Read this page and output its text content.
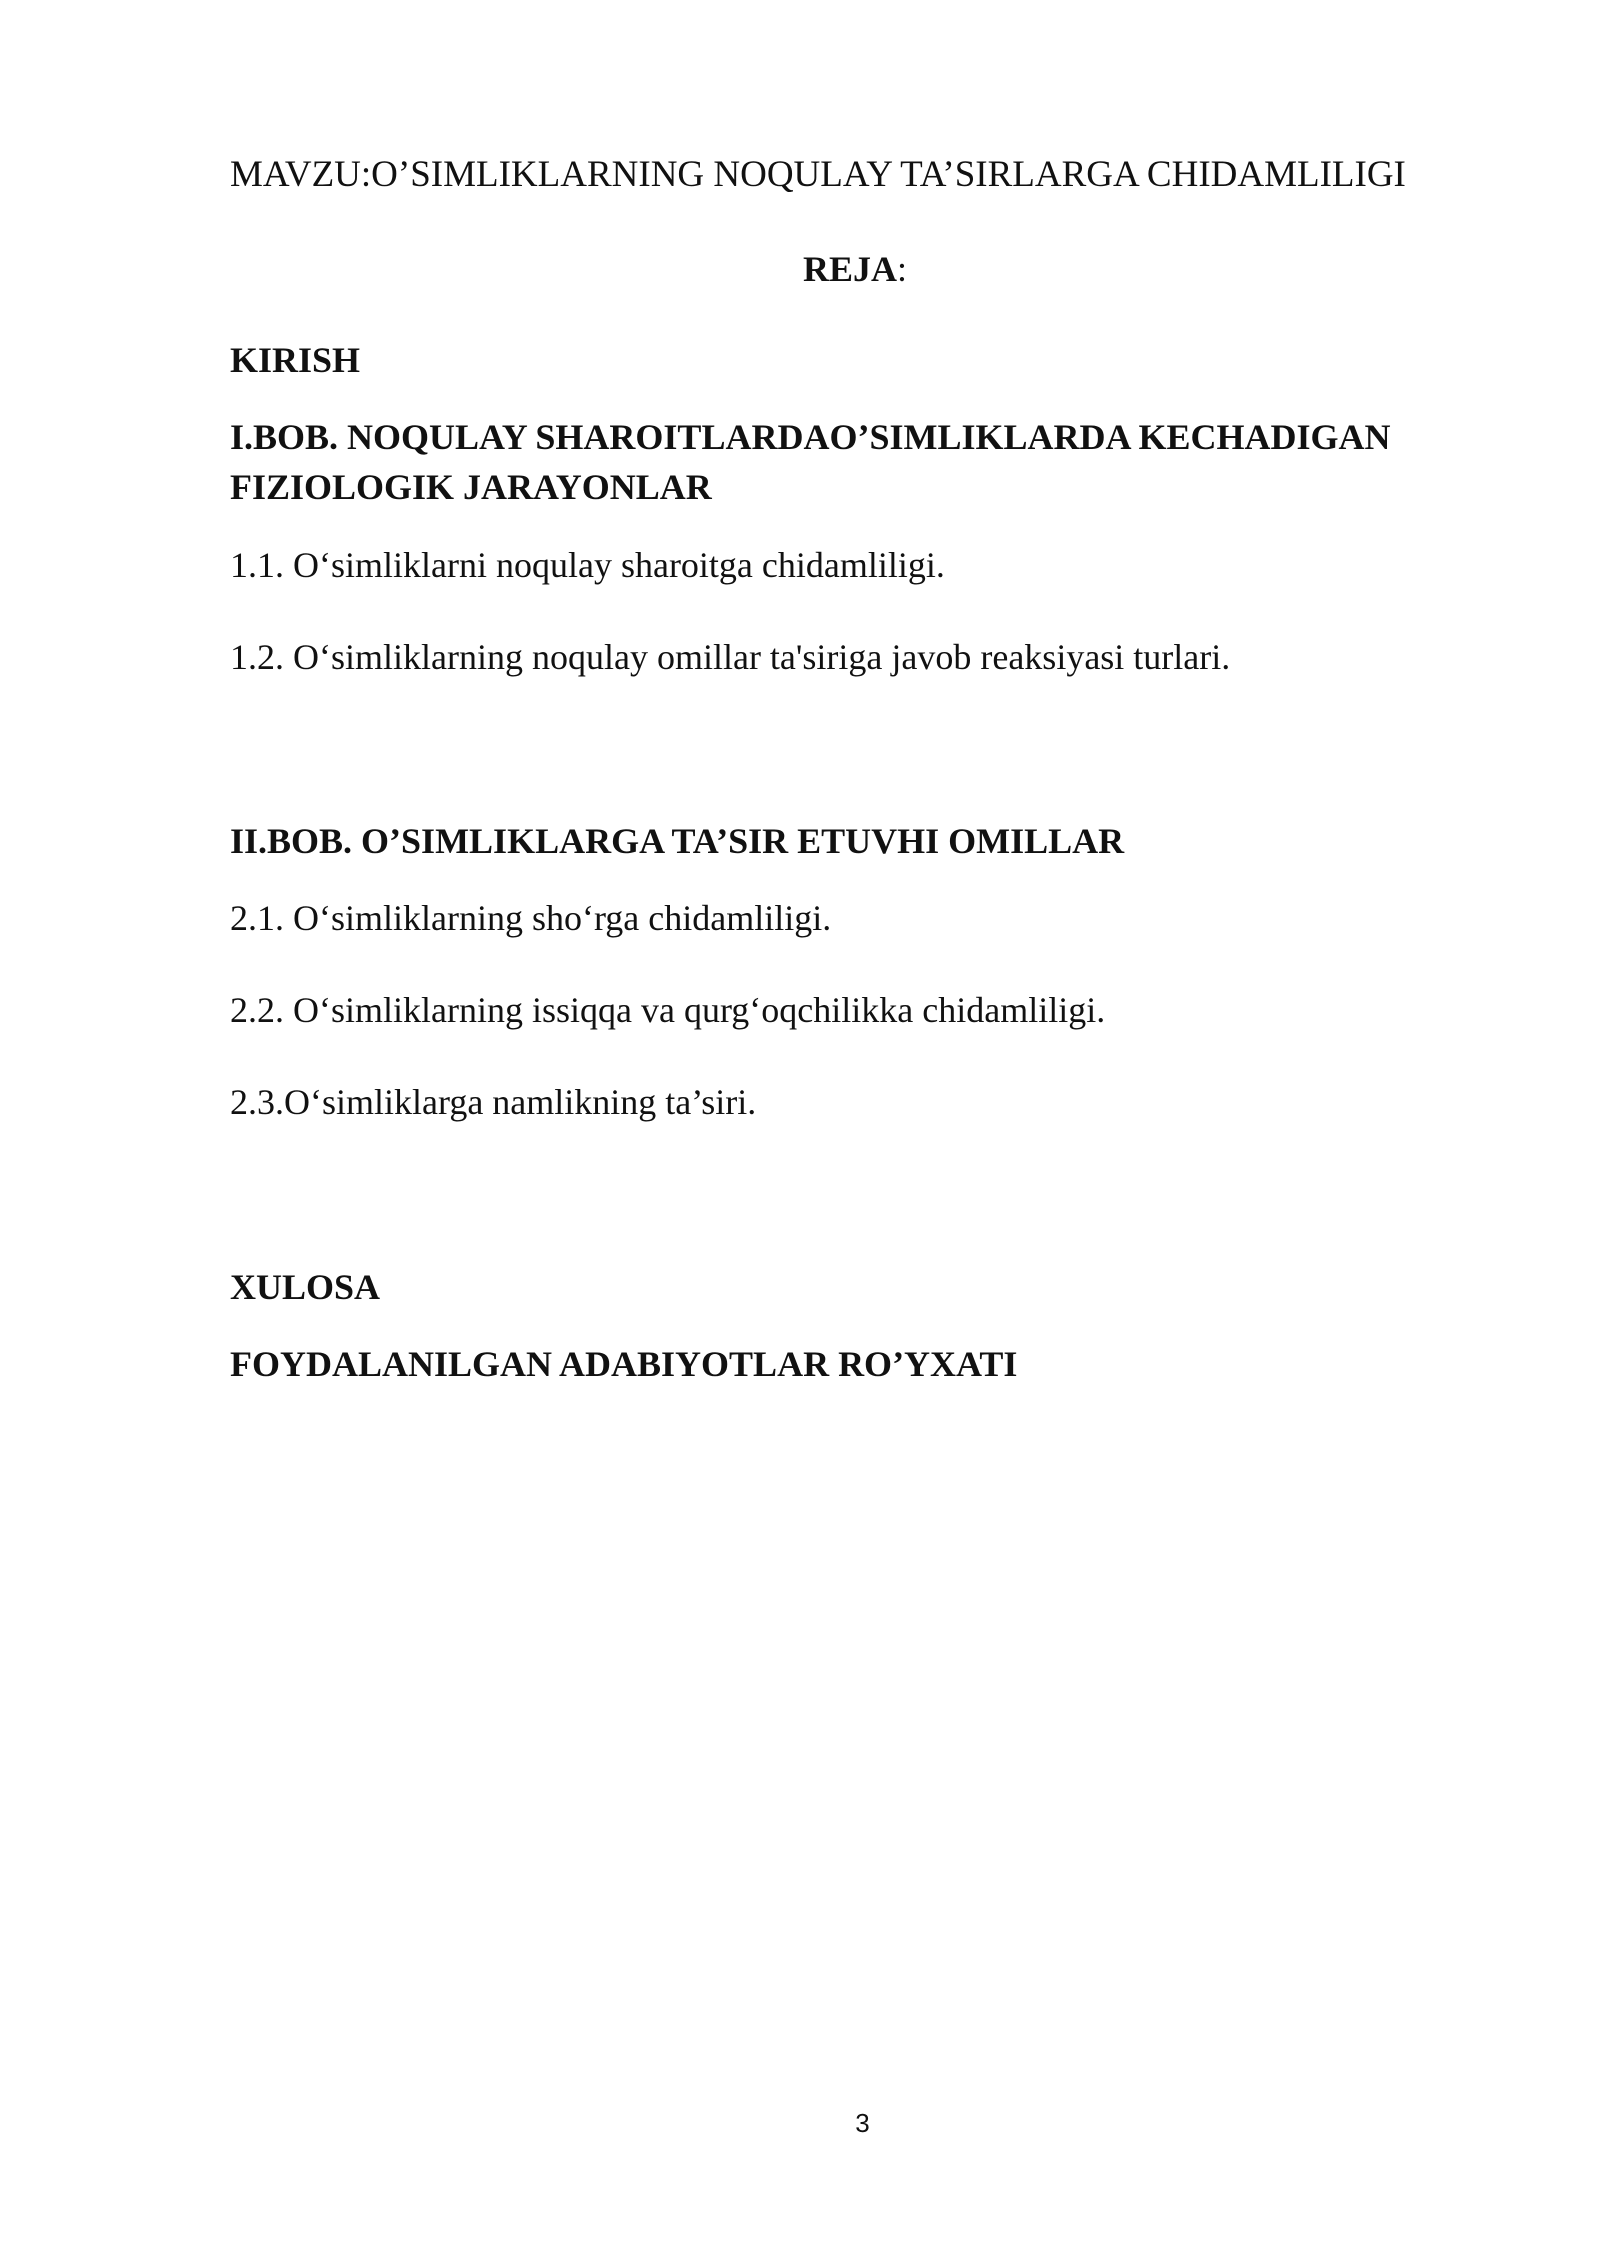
MAVZU:O’SIMLIKLARNING NOQULAY TA’SIRLARGA CHIDAMLILIGI
REJA:
KIRISH
I.BOB. NOQULAY SHAROITLARDAO’SIMLIKLARDA KECHADIGAN
FIZIOLOGIK JARAYONLAR
1.1. O‘simliklarni noqulay sharoitga chidamliligi.
1.2. O‘simliklarning noqulay omillar ta'siriga javob reaksiyasi turlari.
II.BOB. O’SIMLIKLARGA TA’SIR ETUVHI OMILLAR
2.1. O‘simliklarning sho‘rga chidamliligi.
2.2. O‘simliklarning issiqqa va qurg‘oqchilikka chidamliligi.
2.3.O‘simliklarga namlikning ta’siri.
XULOSA
FOYDALANILGAN ADABIYOTLAR RO’YXATI
3
